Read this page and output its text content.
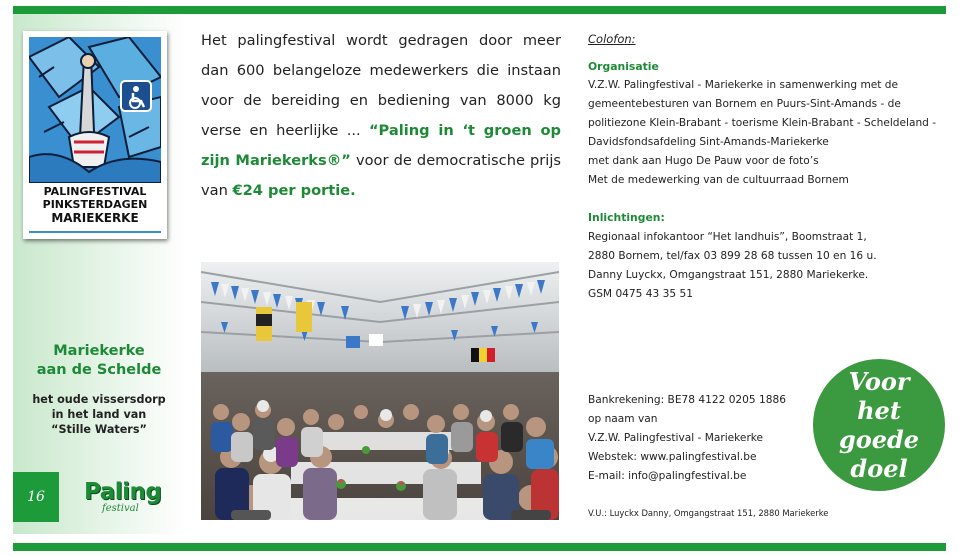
PALINGFESTIVAL
PINKSTERDAGEN
MARIEKERKE
Het palingfestival wordt gedragen door meer dan 600 belangeloze medewerkers die instaan voor de bereiding en bediening van 8000 kg verse en heerlijke ... “Paling in ‘t groen op zijn Mariekerks®” voor de democratische prijs van €24 per portie.
Mariekerke
aan de Schelde
het oude vissersdorp
in het land van
“Stille Waters”
16	Paling
festival
Colofon:
Organisatie
V.Z.W. Palingfestival - Mariekerke in samenwerking met de
gemeentebesturen van Bornem en Puurs-Sint-Amands - de
politiezone Klein-Brabant - toerisme Klein-Brabant - Scheldeland -
Davidsfondsafdeling Sint-Amands-Mariekerke
met dank aan Hugo De Pauw voor de foto’s
Met de medewerking van de cultuurraad Bornem
Inlichtingen:
Regionaal infokantoor “Het landhuis”, Boomstraat 1,
2880 Bornem, tel/fax 03 899 28 68 tussen 10 en 16 u.
Danny Luyckx, Omgangstraat 151, 2880 Mariekerke.
GSM 0475 43 35 51
Bankrekening: BE78 4122 0205 1886
op naam van
V.Z.W. Palingfestival - Mariekerke
Webstek: www.palingfestival.be
E-mail: info@palingfestival.be
V.U.: Luyckx Danny, Omgangstraat 151, 2880 Mariekerke
Voor
het goede
doel
